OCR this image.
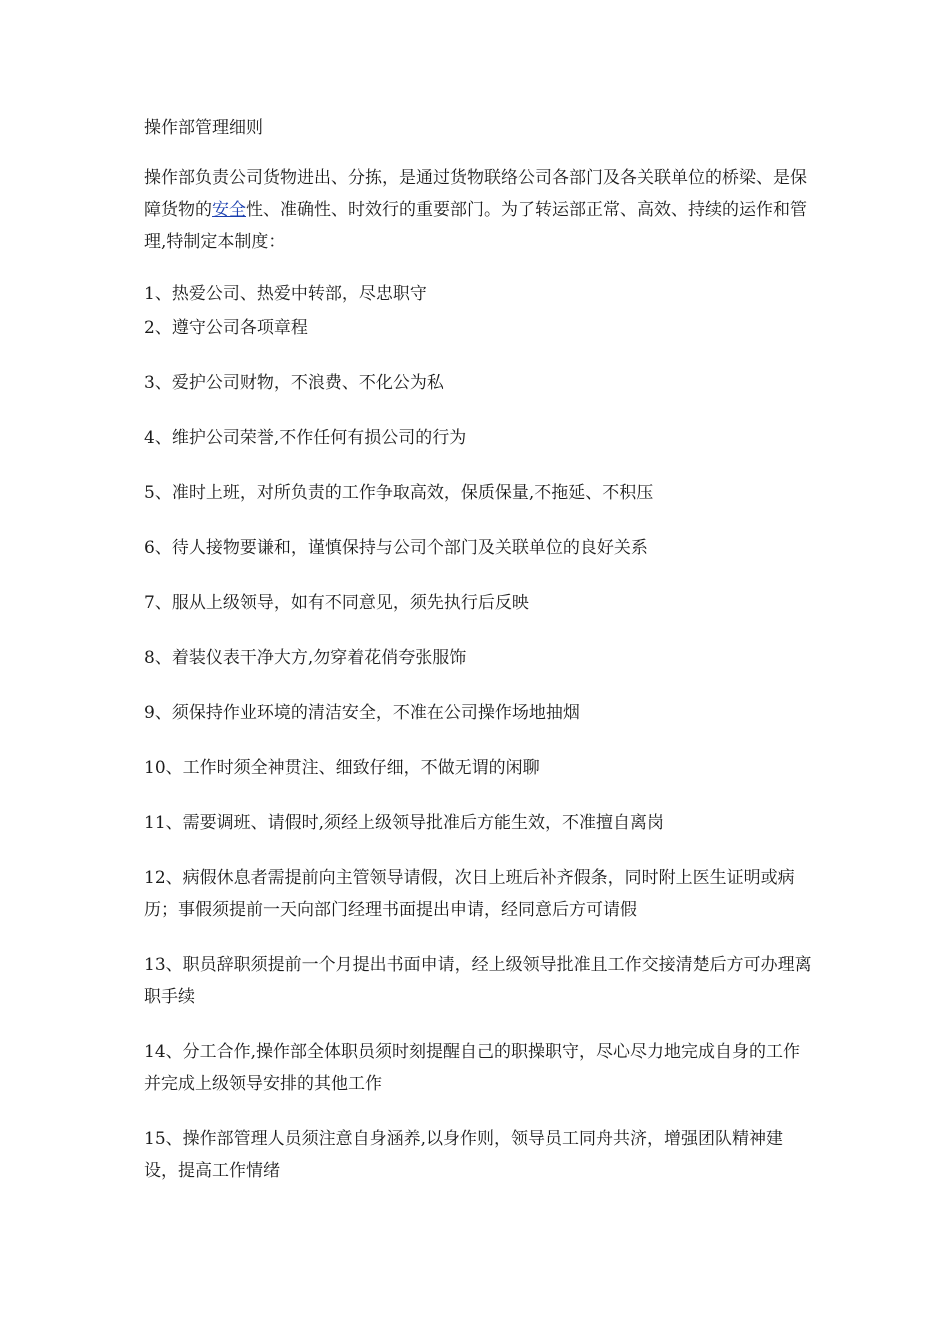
操作部管理细则

操作部负责公司货物进出、分拣，是通过货物联络公司各部门及各关联单位的桥梁、是保障货物的安全性、准确性、时效行的重要部门。为了转运部正常、高效、持续的运作和管理,特制定本制度：

1、热爱公司、热爱中转部，尽忠职守

2、遵守公司各项章程

3、爱护公司财物，不浪费、不化公为私

4、维护公司荣誉,不作任何有损公司的行为

5、准时上班，对所负责的工作争取高效，保质保量,不拖延、不积压

6、待人接物要谦和，谨慎保持与公司个部门及关联单位的良好关系

7、服从上级领导，如有不同意见，须先执行后反映

8、着装仪表干净大方,勿穿着花俏夸张服饰

9、须保持作业环境的清洁安全，不准在公司操作场地抽烟

10、工作时须全神贯注、细致仔细，不做无谓的闲聊

11、需要调班、请假时,须经上级领导批准后方能生效，不准擅自离岗

12、病假休息者需提前向主管领导请假，次日上班后补齐假条，同时附上医生证明或病历；事假须提前一天向部门经理书面提出申请，经同意后方可请假

13、职员辞职须提前一个月提出书面申请，经上级领导批准且工作交接清楚后方可办理离职手续

14、分工合作,操作部全体职员须时刻提醒自己的职操职守，尽心尽力地完成自身的工作并完成上级领导安排的其他工作

15、操作部管理人员须注意自身涵养,以身作则，领导员工同舟共济，增强团队精神建设，提高工作情绪
